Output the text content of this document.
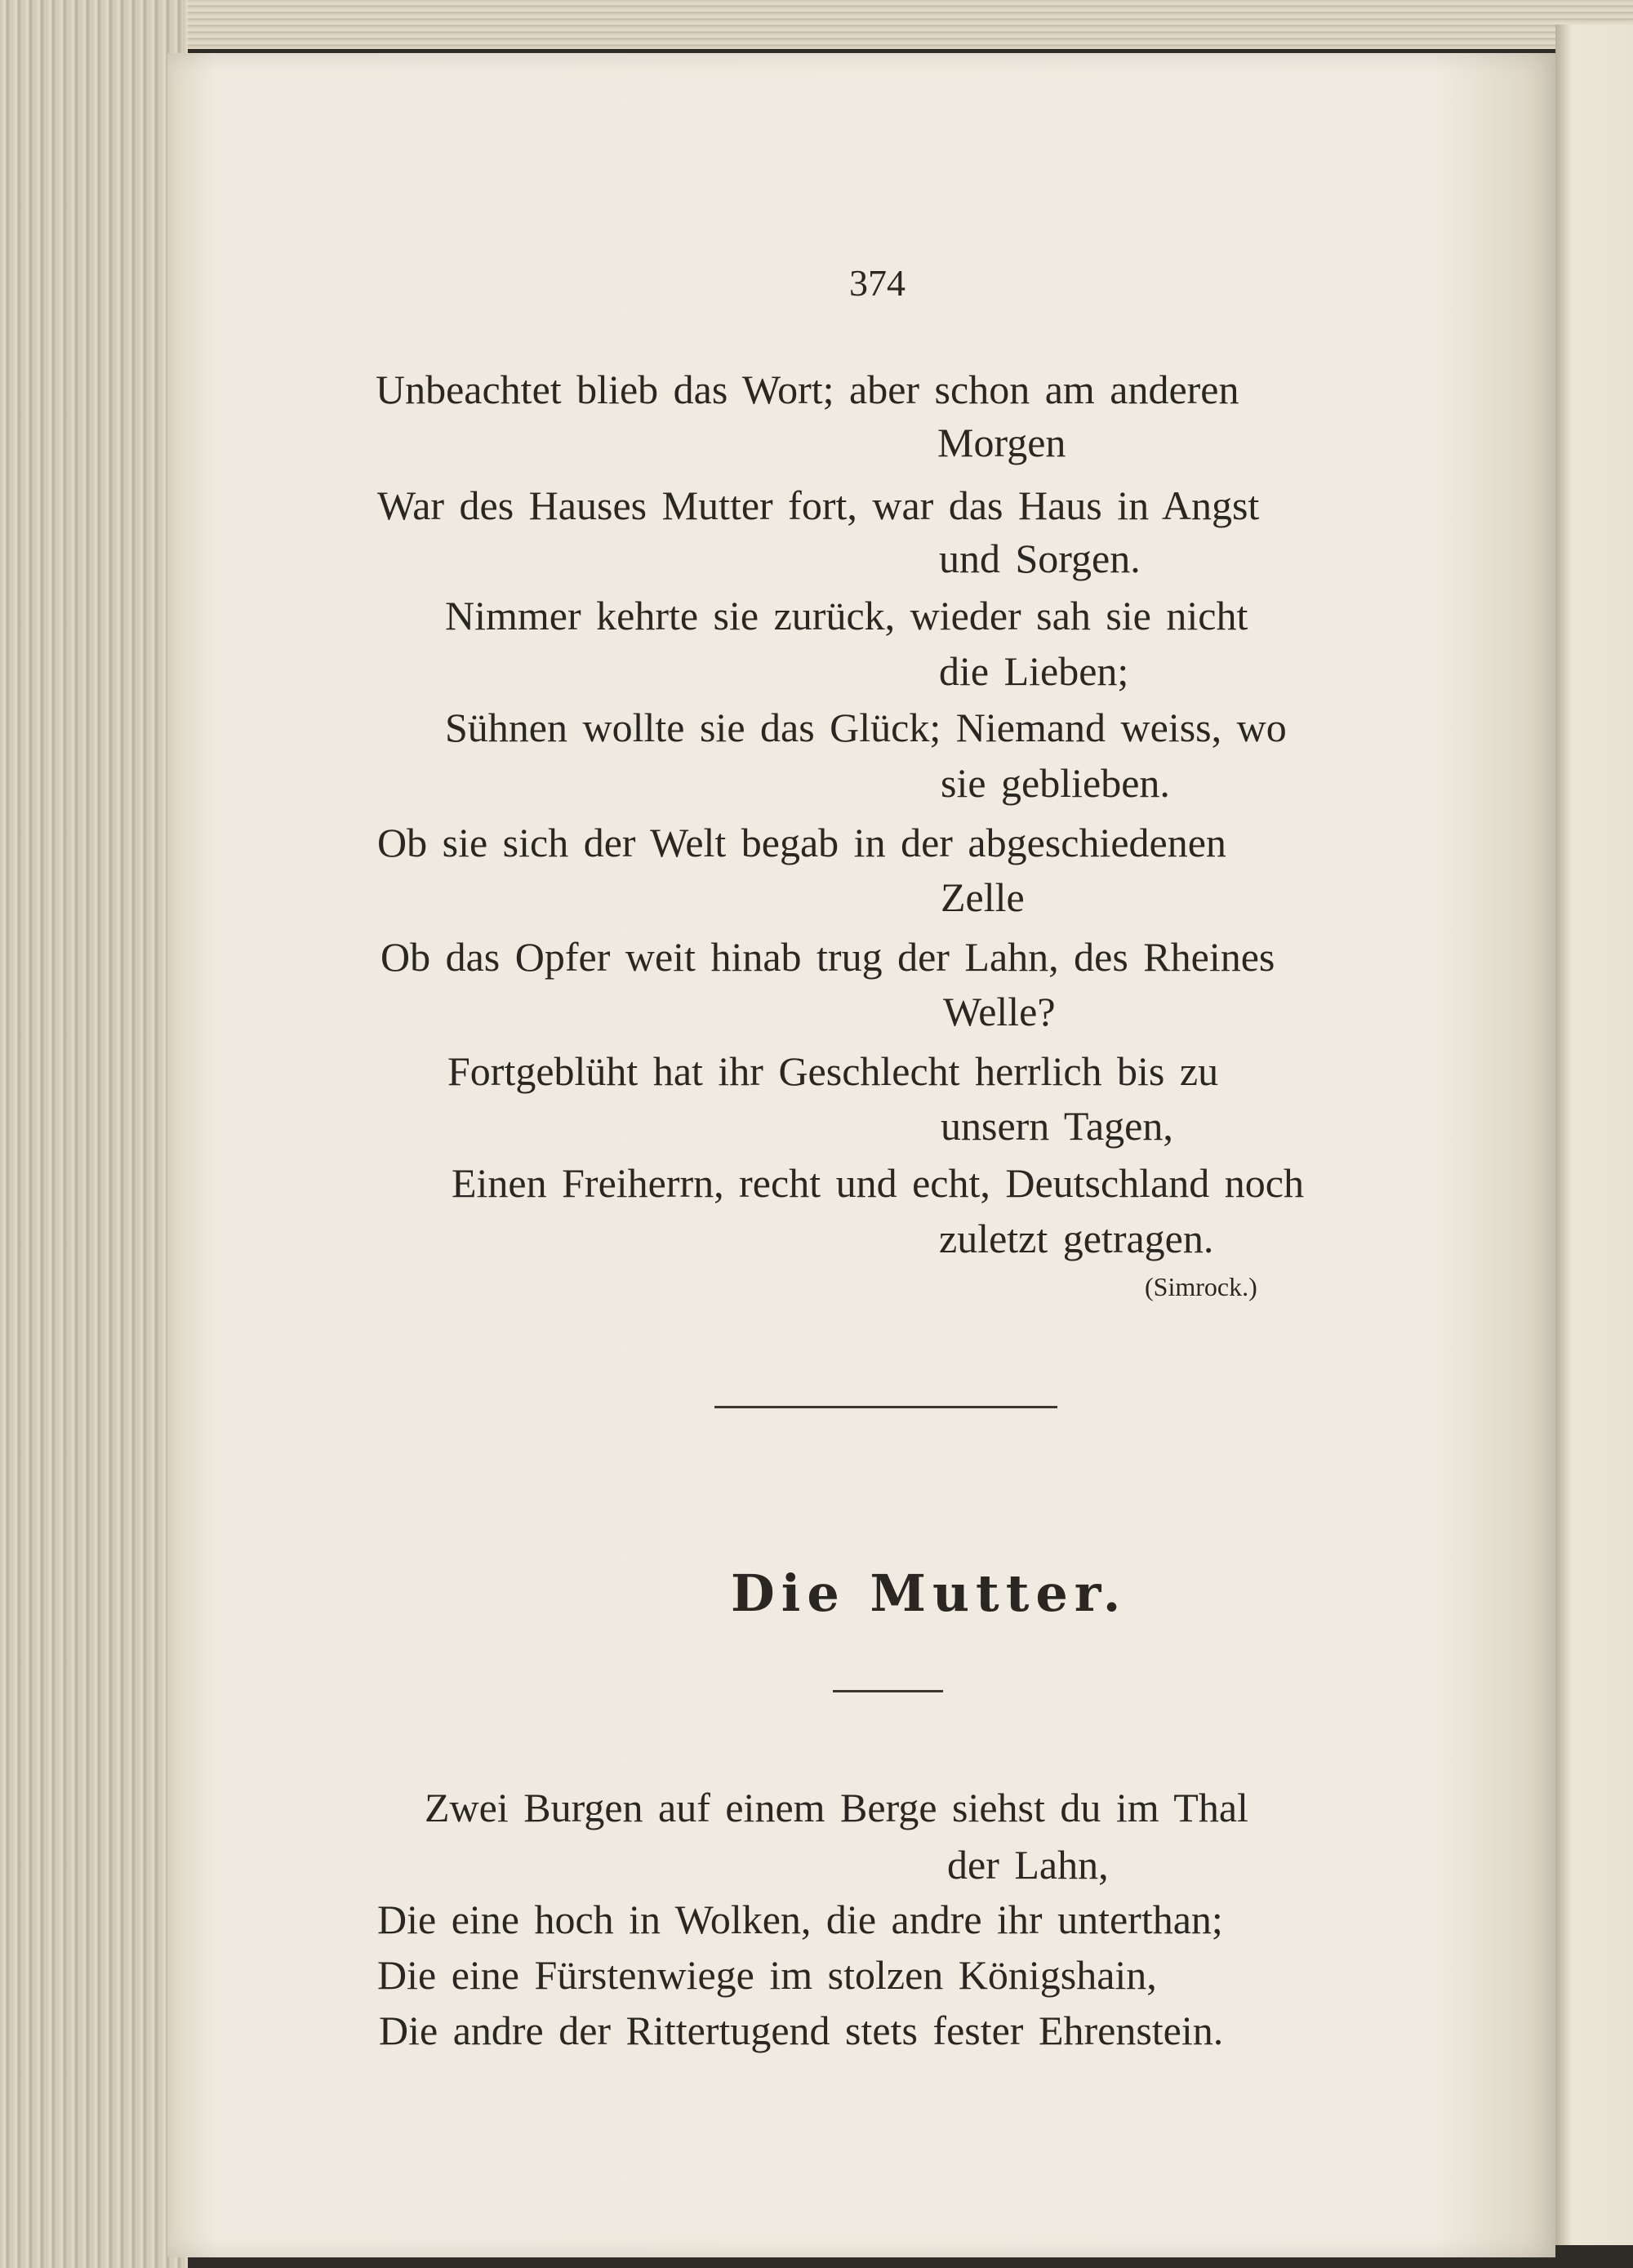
374
Unbeachtet blieb das Wort; aber schon am anderen
Morgen
War des Hauses Mutter fort, war das Haus in Angst
und Sorgen.
Nimmer kehrte sie zurück, wieder sah sie nicht
die Lieben;
Sühnen wollte sie das Glück; Niemand weiss, wo
sie geblieben.
Ob sie sich der Welt begab in der abgeschiedenen
Zelle
Ob das Opfer weit hinab trug der Lahn, des Rheines
Welle?
Fortgeblüht hat ihr Geschlecht herrlich bis zu
unsern Tagen,
Einen Freiherrn, recht und echt, Deutschland noch
zuletzt getragen.
(Simrock.)
Die Mutter.
Zwei Burgen auf einem Berge siehst du im Thal
der Lahn,
Die eine hoch in Wolken, die andre ihr unterthan;
Die eine Fürstenwiege im stolzen Königshain,
Die andre der Rittertugend stets fester Ehrenstein.
